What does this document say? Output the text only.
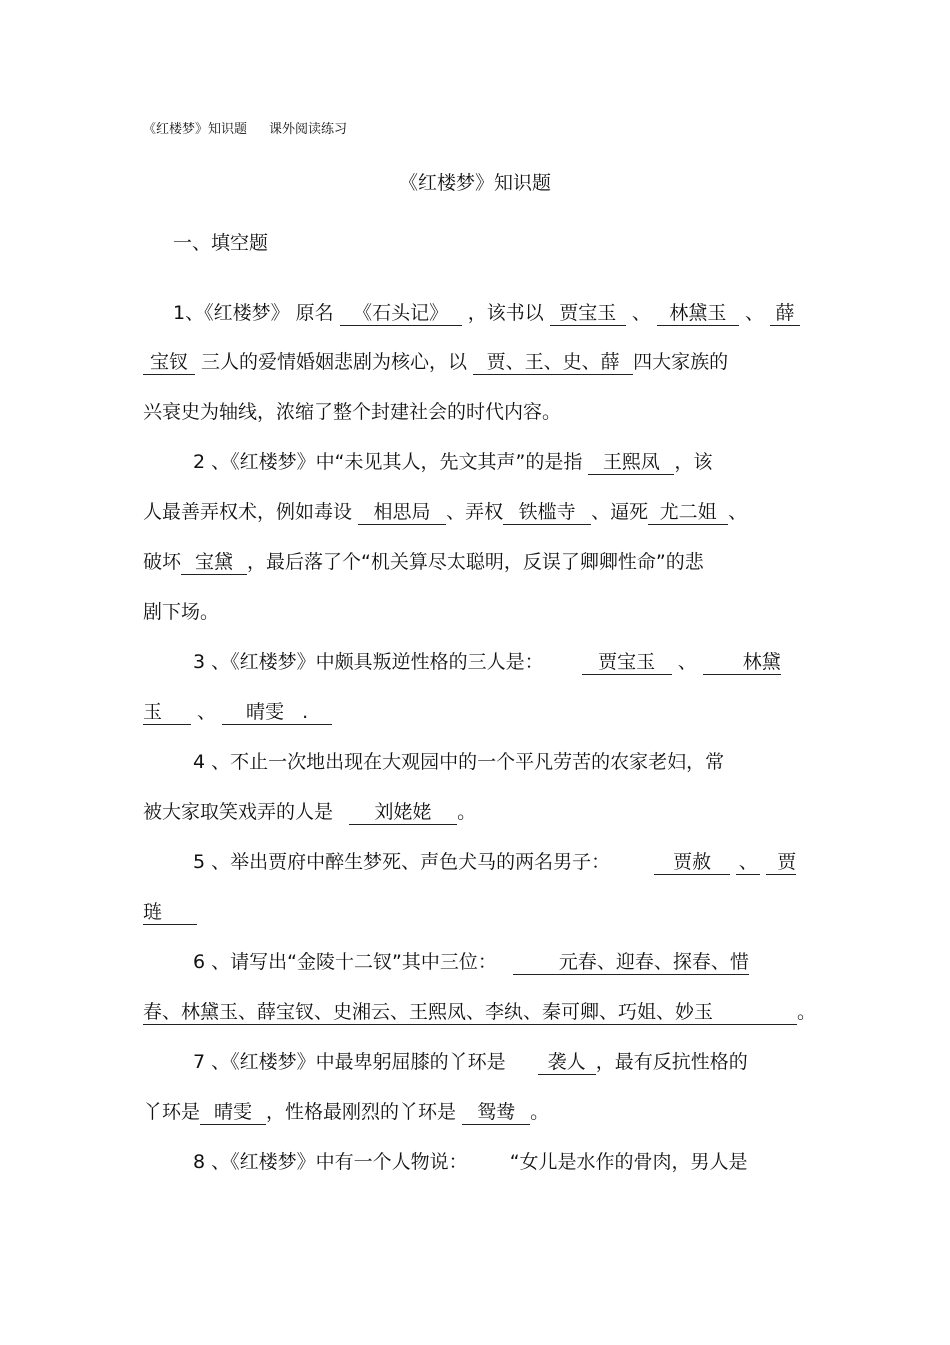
《红楼梦》知识题 课外阅读练习
《红楼梦》知识题
一、填空题
1、《红楼梦》 原名 《石头记》 ，该书以 贾宝玉 、 林黛玉 、 薛
宝钗 三人的爱情婚姻悲剧为核心，以 贾、王、史、薛 四大家族的
兴衰史为轴线，浓缩了整个封建社会的时代内容。
2 、《红楼梦》中“未见其人，先文其声”的是指 王熙凤 ，该
人最善弄权术，例如毒设 相思局 、弄权 铁槛寺 、逼死 尤二姐 、
破坏 宝黛 ，最后落了个“机关算尽太聪明，反误了卿卿性命”的悲
剧下场。
3 、《红楼梦》中颇具叛逆性格的三人是：	贾宝玉 、 林黛
玉 、 晴雯 .
4 、不止一次地出现在大观园中的一个平凡劳苦的农家老妇，常
被大家取笑戏弄的人是 刘姥姥 。
5 、举出贾府中醉生梦死、声色犬马的两名男子：	贾赦 、 贾
琏
6 、请写出“金陵十二钗”其中三位：	元春、迎春、探春、惜
春、林黛玉、薛宝钗、史湘云、王熙凤、李纨、秦可卿、巧姐、妙玉	。
7 、《红楼梦》中最卑躬屈膝的丫环是 袭人 ，最有反抗性格的
丫环是 晴雯 ，性格最刚烈的丫环是 鸳鸯 。
8 、《红楼梦》中有一个人物说： “女儿是水作的骨肉，男人是
